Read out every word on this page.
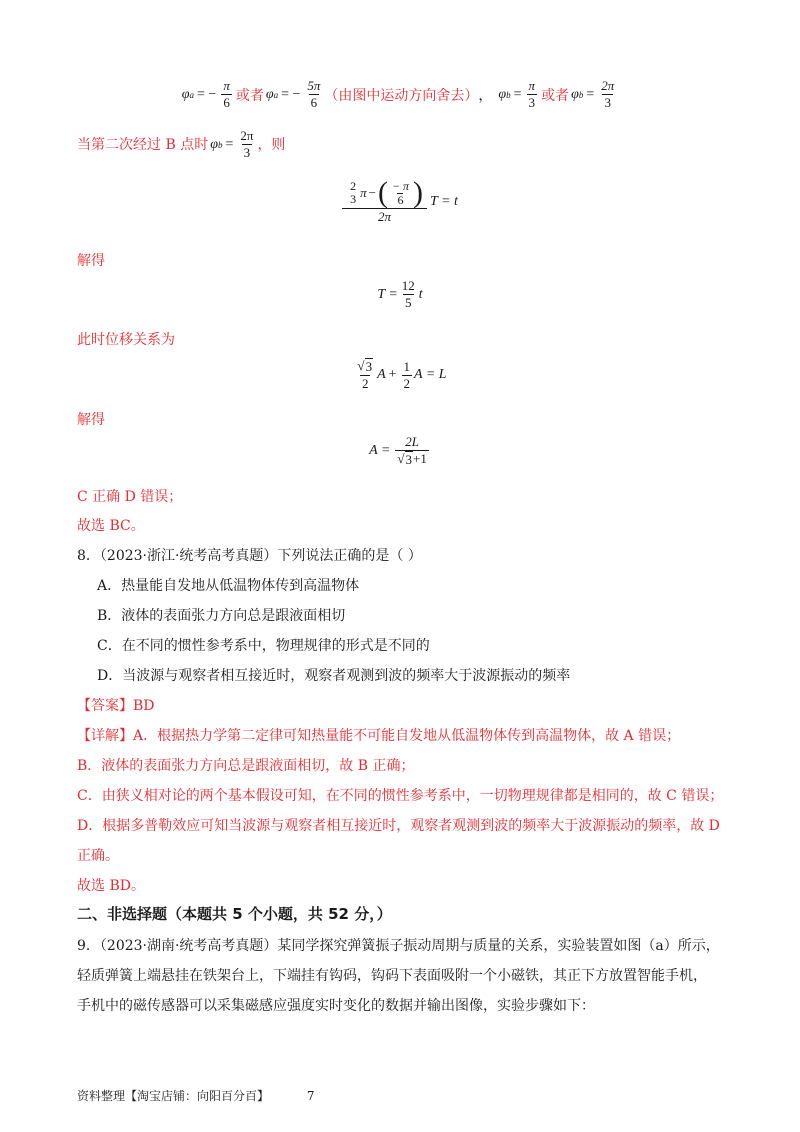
φ a = − $\frac{\pi}{6}$ 或者 φ a = − $\frac{5\pi}{6}$ （由图中运动方向舍去） ， φ $b = \frac{\pi}{3}$ 或者 φ $b = \frac{2\pi}{3}$
当第二次经过 B 点时 φ $b = \frac{2\pi}{3}$ ，则
2
3 π − ( $\frac{- \pi}{6}$ )
2π
T = t
解得
$T = \frac{12}{5}$ t
此时位移关系为
$\frac{√ 3}{2}$ $A + \frac{1}{2}$ A = L
解得
$A = \frac{2L}{√ 3 +1}$
C 正确 D 错误；
故选 BC。
8．（2023·浙江·统考高考真题）下列说法正确的是（ ）
A．热量能自发地从低温物体传到高温物体
B．液体的表面张力方向总是跟液面相切
C．在不同的惯性参考系中，物理规律的形式是不同的
D．当波源与观察者相互接近时，观察者观测到波的频率大于波源振动的频率
【答案】BD
【详解】A．根据热力学第二定律可知热量能不可能自发地从低温物体传到高温物体，故 A 错误；
B．液体的表面张力方向总是跟液面相切，故 B 正确；
C．由狭义相对论的两个基本假设可知，在不同的惯性参考系中，一切物理规律都是相同的，故 C 错误；
D．根据多普勒效应可知当波源与观察者相互接近时，观察者观测到波的频率大于波源振动的频率，故 D
正确。
故选 BD。
二、非选择题（本题共 5 个小题，共 52 分，）
9．（2023·湖南·统考高考真题）某同学探究弹簧振子振动周期与质量的关系，实验装置如图（a）所示，
轻质弹簧上端悬挂在铁架台上，下端挂有钩码，钩码下表面吸附一个小磁铁，其正下方放置智能手机，
手机中的磁传感器可以采集磁感应强度实时变化的数据并输出图像，实验步骤如下：
资料整理【淘宝店铺：向阳百分百】	7
